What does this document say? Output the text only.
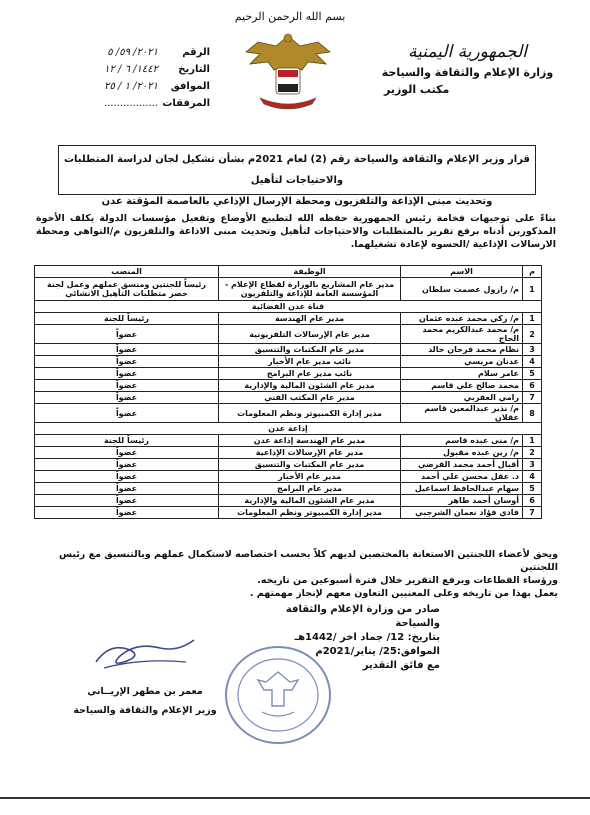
بسم الله الرحمن الرحيم
الجمهورية اليمنية
وزارة الإعلام والثقافة والسياحة
مكتب الوزير
الرقم
٢٠٢١/ ٥٩/ ٥
التاريخ
١٤٤٢/ ٦ / ١٢
الموافق
٢٠٢١/ ١ / ٢٥
المرفقات
.................
قرار وزير الإعلام والثقافة والسياحة رقم (2) لعام 2021م بشأن تشكيل لجان لدراسة المتطلبات والاحتياجات لتأهيل
وتحديث مبنى الإذاعة والتلفزيون ومحطة الإرسال الإذاعي بالعاصمة المؤقتة عدن
بناءً على توجيهات فخامة رئيس الجمهورية حفظه الله لتطبيع الأوضاع وتفعيل مؤسسات الدولة يكلف الأخوة المذكورين أدناه برفع تقرير بالمتطلبات والاحتياجات لتأهيل وتحديث مبنى الاذاعة والتلفزيون م/التواهي ومحطة الارسالات الإذاعية /الحسوه لإعادة تشغيلهما.
م	الاسم	الوظيفة	المنصب
1	م/ رازول عصمت سلطان	مدير عام المشاريع بالوزارة لقطاع الإعلام - المؤسسة العامة للإذاعة والتلفزيون	رئيساً للجنتين ومنسق عملهم وعمل لجنة حصر متطلبات التأهيل الانشائي
قناة عدن الفضائية			
1	م/ زكي محمد عبده عثمان	مدير عام الهندسة	رئيساً للجنة
2	م/ محمد عبدالكريم محمد الحاج	مدير عام الإرسالات التلفزيونية	عضواً
3	نظام محمد فرحان خالد	مدير عام المكتبات والتنسيق	عضواً
4	عدنان مريسي	نائب مدير عام الأخبار	عضواً
5	عامر سلام	نائب مدير عام البرامج	عضواً
6	محمد صالح علي قاسم	مدير عام الشئون المالية والإدارية	عضواً
7	رامي العقربي	مدير عام المكتب الفني	عضواً
8	م/ نذير عبدالمعين قاسم عقلان	مدير إدارة الكمبيوتر ونظم المعلومات	عضواً
إذاعة عدن			
1	م/ منى عبده قاسم	مدير عام الهندسة إذاعة عدن	رئيساً للجنة
2	م/ زين عبده مقبول	مدير عام الإرسالات الإذاعية	عضواً
3	أقبال أحمد محمد القرضي	مدير عام المكتبات والتنسيق	عضواً
4	د. عقل محسن علي أحمد	مدير عام الأخبار	عضواً
5	سهام عبدالحافظ اسماعيل	مدير عام البرامج	عضواً
6	أوسان أحمد طاهر	مدير عام الشئون المالية والإدارية	عضواً
7	فادي فؤاد نعمان الشرجبي	مدير إدارة الكمبيوتر ونظم المعلومات	عضواً
ويحق لأعضاء اللجنتين الاستعانة بالمختصين لديهم كلاً بحسب اختصاصه لاستكمال عملهم وبالتنسيق مع رئيس اللجنتين
ورؤساء القطاعات ويرفع التقرير خلال فترة أسبوعين من تاريخه.
يعمل بهذا من تاريخه وعلى المعنيين التعاون معهم لإنجاز مهمتهم .
صادر من وزارة الإعلام والثقافة والسياحة
بتاريخ: 12/ جماد اخر /1442هـ
الموافق:25/ يناير/2021م
مع فائق التقدير
معمر بن مطهر الإريــاني
وزير الإعلام والثقافة والسياحة
